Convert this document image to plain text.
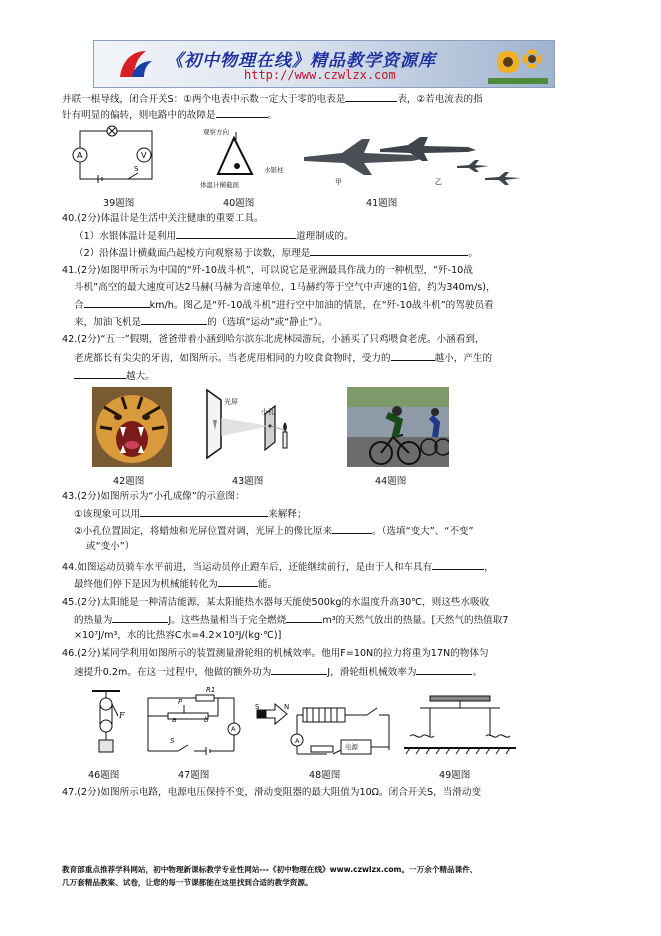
《初中物理在线》精品教学资源库
http://www.czwlzx.com
并联一根导线，闭合开关S：①两个电表中示数一定大于零的电表是	表，②若电流表的指
针有明显的偏转，则电路中的故障是	。
A	V
S
观察方向
体温计横截面
水银柱
甲	乙
39题图	40题图	41题图
40.(2分)体温计是生活中关注健康的重要工具。
（1）水银体温计是利用	道理制成的。
（2）沿体温计横截面凸起棱方向观察易于读数，原理是	。
41.(2分)如图甲所示为中国的“歼-10战斗机”，可以说它是亚洲最具作战力的一种机型，“歼-10战
斗机”高空的最大速度可达2马赫(马赫为音速单位，1马赫约等于空气中声速的1倍，约为340m/s)，
合	km/h。图乙是“歼-10战斗机”进行空中加油的情景，在“歼-10战斗机”的驾驶员看
来，加油飞机是	的（选填“运动”或“静止”）。
42.(2分)“五一”假期，爸爸带着小涵到哈尔滨东北虎林园游玩，小涵买了只鸡喂食老虎。小涵看到，
老虎都长有尖尖的牙齿，如图所示。当老虎用相同的力咬食食物时，受力的	越小，产生的
越大。
光屏
小孔
42题图	43题图	44题图
43.(2分)如图所示为“小孔成像”的示意图：
①该现象可以用	来解释；
②小孔位置固定，将蜡烛和光屏位置对调，光屏上的像比原来	。（选填“变大”、“不变”
或“变小”）
44.如图运动员骑车水平前进，当运动员停止蹬车后，还能继续前行，是由于人和车具有	，
最终他们停下是因为机械能转化为	能。
45.(2分)太阳能是一种清洁能源，某太阳能热水器每天能使500kg的水温度升高30℃，则这些水吸收
的热量为	J。这些热量相当于完全燃烧	m³的天然气放出的热量。[天然气的热值取7
×10⁷J/m³，水的比热容C水=4.2×10³J/(kg·℃)]
46.(2分)某同学利用如图所示的装置测量滑轮组的机械效率。他用F=10N的拉力将重为17N的物体匀
速提升0.2m。在这一过程中，他做的额外功为	J，滑轮组机械效率为	。
F
R1
P
a	b
S
A
S	N
电源
A
46题图	47题图	48题图	49题图
47.(2分)如图所示电路，电源电压保持不变，滑动变阻器的最大阻值为10Ω。闭合开关S，当滑动变
教育部重点推荐学科网站，初中物理新课标教学专业性网站---《初中物理在线》www.czwlzx.com。一万余个精品课件、
几万套精品教案、试卷，让您的每一节课都能在这里找到合适的教学资源。
